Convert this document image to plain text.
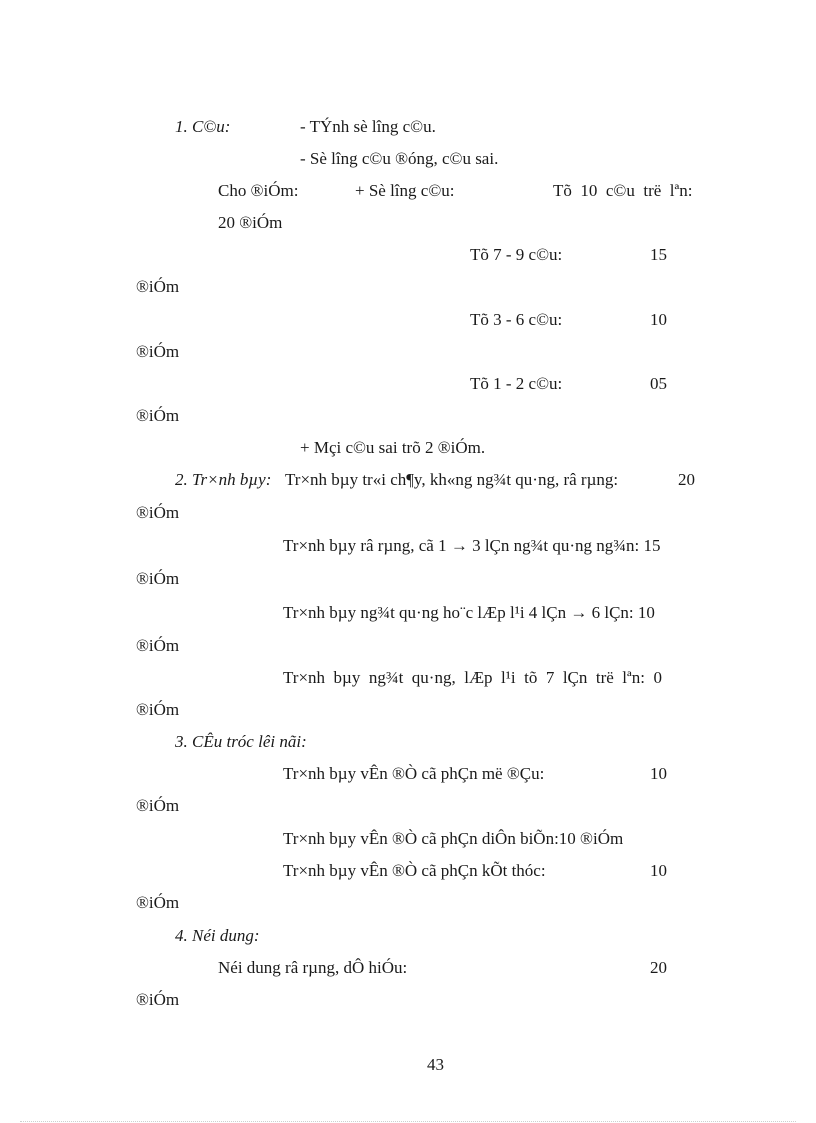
1. C©u:	- TÝnh sè lîng c©u.
- Sè lîng c©u ®óng, c©u sai.
Cho ®iÓm:	+ Sè lîng c©u:	Tõ  10  c©u  trë  lªn:
20 ®iÓm
Tõ 7 - 9 c©u:	15
®iÓm
Tõ 3 - 6 c©u:	10
®iÓm
Tõ 1 - 2 c©u:	05
®iÓm
+ Mçi c©u sai trõ 2 ®iÓm.
2. Tr×nh bµy: Tr×nh bµy tr«i ch¶y, kh«ng ng¾t qu·ng, râ rµng:	20
®iÓm
Tr×nh bµy râ rµng, cã 1 → 3 lÇn ng¾t qu·ng ng¾n: 15
®iÓm
Tr×nh bµy ng¾t qu·ng ho¨c lÆp l¹i 4 lÇn → 6 lÇn: 10
®iÓm
Tr×nh  bµy  ng¾t  qu·ng,  lÆp  l¹i  tõ  7  lÇn  trë  lªn:  0
®iÓm
3. CÊu tróc lêi nãi:
Tr×nh bµy vÊn ®Ò cã phÇn më ®Çu:	10
®iÓm
Tr×nh bµy vÊn ®Ò cã phÇn diÔn biÕn:10 ®iÓm
Tr×nh bµy vÊn ®Ò cã phÇn kÕt thóc:	10
®iÓm
4. Néi dung:
Néi dung râ rµng, dÔ hiÓu:	20
®iÓm
43
